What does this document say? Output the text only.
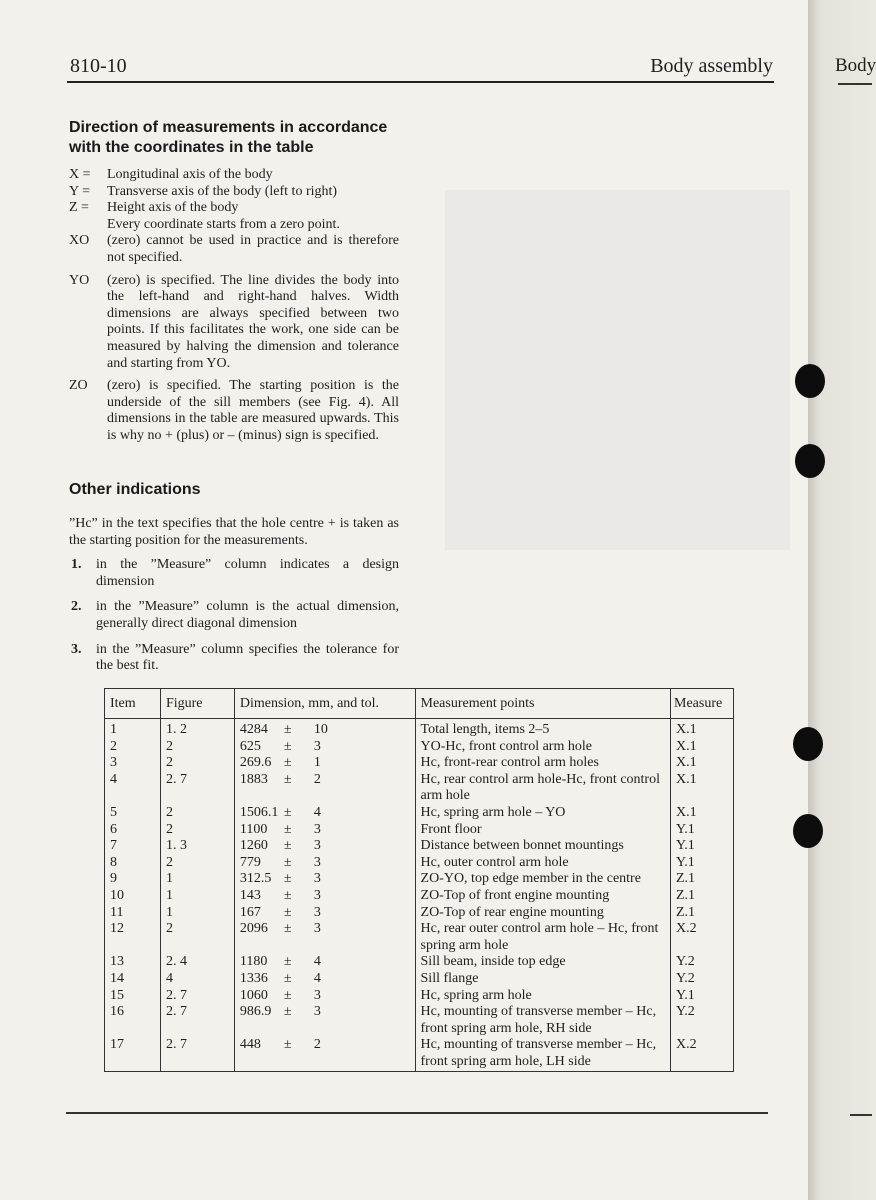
Body
810-10	Body assembly
Direction of measurements in accordance with the coordinates in the table
X =	Longitudinal axis of the body
Y =	Transverse axis of the body (left to right)
Z =	Height axis of the body
Every coordinate starts from a zero point.
XO	(zero) cannot be used in practice and is therefore not specified.
YO	(zero) is specified. The line divides the body into the left-hand and right-hand halves. Width dimensions are always specified between two points. If this facilitates the work, one side can be measured by halving the dimension and tolerance and starting from YO.
ZO	(zero) is specified. The starting position is the underside of the sill members (see Fig. 4). All dimensions in the table are measured upwards. This is why no + (plus) or – (minus) sign is specified.
Other indications

”Hc” in the text specifies that the hole centre + is taken as the starting position for the measurements.

1. in the ”Measure” column indicates a design dimension
2. in the ”Measure” column is the actual dimension, generally direct diagonal dimension
3. in the ”Measure” column specifies the tolerance for the best fit.
Item	Figure	Dimension, mm, and tol.	Measurement points	Measure
1	1. 2	4284 ± 10	Total length, items 2–5	X.1
2	2	625 ± 3	YO-Hc, front control arm hole	X.1
3	2	269.6 ± 1	Hc, front-rear control arm holes	X.1
4	2. 7	1883 ± 2	Hc, rear control arm hole-Hc, front control arm hole	X.1
5	2	1506.1 ± 4	Hc, spring arm hole – YO	X.1
6	2	1100 ± 3	Front floor	Y.1
7	1. 3	1260 ± 3	Distance between bonnet mountings	Y.1
8	2	779 ± 3	Hc, outer control arm hole	Y.1
9	1	312.5 ± 3	ZO-YO, top edge member in the centre	Z.1
10	1	143 ± 3	ZO-Top of front engine mounting	Z.1
11	1	167 ± 3	ZO-Top of rear engine mounting	Z.1
12	2	2096 ± 3	Hc, rear outer control arm hole – Hc, front spring arm hole	X.2
13	2. 4	1180 ± 4	Sill beam, inside top edge	Y.2
14	4	1336 ± 4	Sill flange	Y.2
15	2. 7	1060 ± 3	Hc, spring arm hole	Y.1
16	2. 7	986.9 ± 3	Hc, mounting of transverse member – Hc, front spring arm hole, RH side	Y.2
17	2. 7	448 ± 2	Hc, mounting of transverse member – Hc, front spring arm hole, LH side	X.2
